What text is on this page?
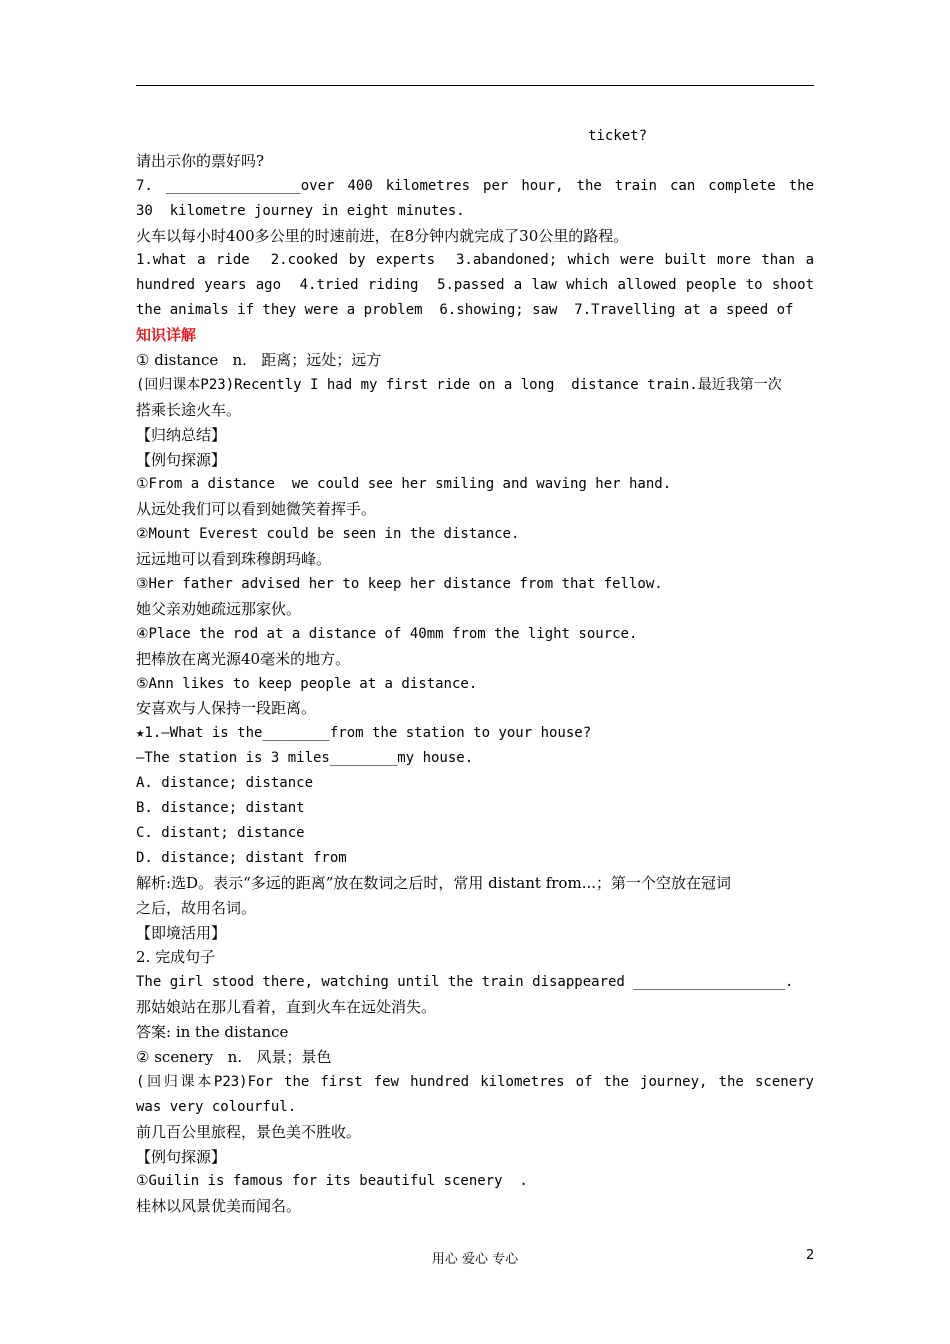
ticket?
请出示你的票好吗?
7. ________________over 400 kilometres per hour, the train can complete the
30  kilometre journey in eight minutes.
火车以每小时400多公里的时速前进，在8分钟内就完成了30公里的路程。
1.what a ride  2.cooked by experts  3.abandoned; which were built more than a
hundred years ago  4.tried riding  5.passed a law which allowed people to shoot
the animals if they were a problem  6.showing; saw  7.Travelling at a speed of
知识详解
① distance   n.   距离；远处；远方
(回归课本P23)Recently I had my first ride on a long  distance train.最近我第一次
搭乘长途火车。
【归纳总结】
【例句探源】
①From a distance  we could see her smiling and waving her hand.
从远处我们可以看到她微笑着挥手。
②Mount Everest could be seen in the distance.
远远地可以看到珠穆朗玛峰。
③Her father advised her to keep her distance from that fellow.
她父亲劝她疏远那家伙。
④Place the rod at a distance of 40mm from the light source.
把棒放在离光源40毫米的地方。
⑤Ann likes to keep people at a distance.
安喜欢与人保持一段距离。
★1.—What is the________from the station to your house?
—The station is 3 miles________my house.
A. distance; distance
B. distance; distant
C. distant; distance
D. distance; distant from
解析:选D。表示“多远的距离”放在数词之后时，常用 distant from...；第一个空放在冠词
之后，故用名词。
【即境活用】
2. 完成句子
The girl stood there, watching until the train disappeared __________________.
那姑娘站在那儿看着，直到火车在远处消失。
答案: in the distance
② scenery   n.   风景；景色
(回归课本P23)For the first few hundred kilometres of the journey, the scenery
was very colourful.
前几百公里旅程，景色美不胜收。
【例句探源】
①Guilin is famous for its beautiful scenery  .
桂林以风景优美而闻名。
用心 爱心 专心	2
